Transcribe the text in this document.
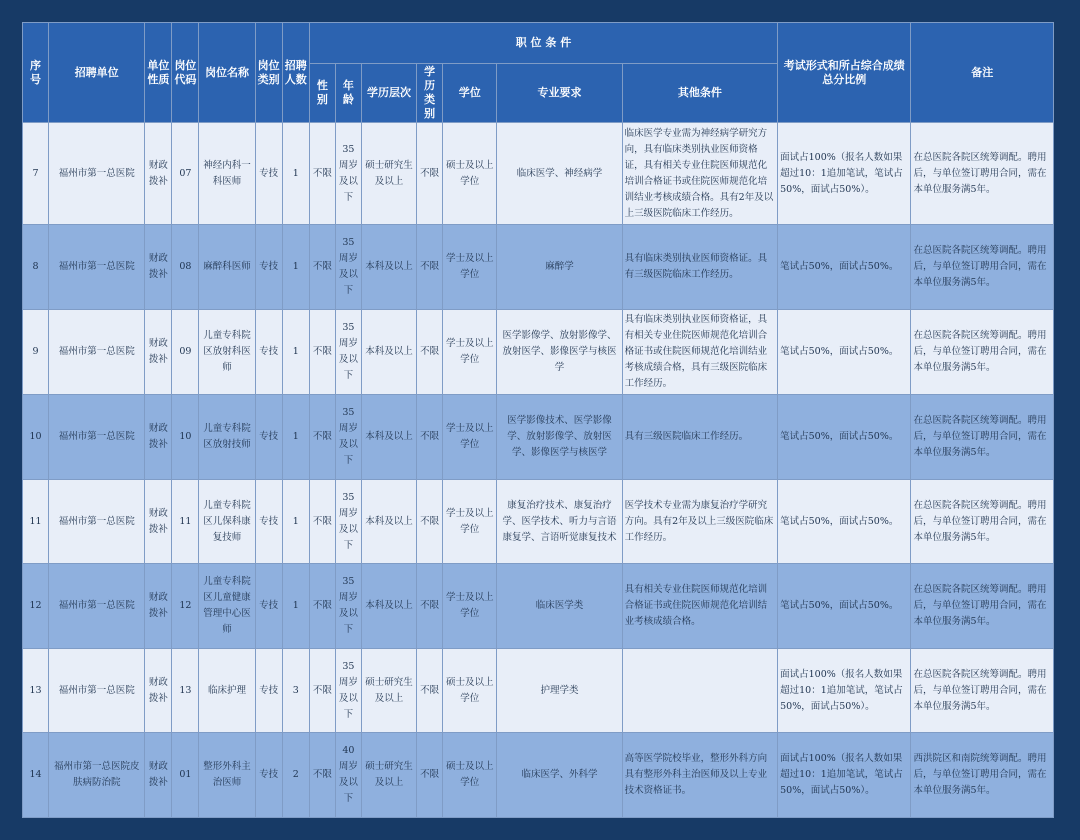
序号	招聘单位	单位性质	岗位代码	岗位名称	岗位类别	招聘人数	职 位 条 件							考试形式和所占综合成绩总分比例	备注
							性别	年龄	学历层次	学历类别	学位	专业要求	其他条件		
7	福州市第一总医院	财政拨补	07	神经内科一科医师	专技	1	不限	35周岁及以下	硕士研究生及以上	不限	硕士及以上学位	临床医学、神经病学	临床医学专业需为神经病学研究方向，具有临床类别执业医师资格证，具有相关专业住院医师规范化培训合格证书或住院医师规范化培训结业考核成绩合格。具有2年及以上三级医院临床工作经历。	面试占100%（报名人数如果超过10：1追加笔试，笔试占50%，面试占50%）。	在总医院各院区统筹调配。聘用后，与单位签订聘用合同，需在本单位服务满5年。
8	福州市第一总医院	财政拨补	08	麻醉科医师	专技	1	不限	35周岁及以下	本科及以上	不限	学士及以上学位	麻醉学	具有临床类别执业医师资格证。具有三级医院临床工作经历。	笔试占50%，面试占50%。	在总医院各院区统筹调配。聘用后，与单位签订聘用合同，需在本单位服务满5年。
9	福州市第一总医院	财政拨补	09	儿童专科院区放射科医师	专技	1	不限	35周岁及以下	本科及以上	不限	学士及以上学位	医学影像学、放射影像学、放射医学、影像医学与核医学	具有临床类别执业医师资格证，具有相关专业住院医师规范化培训合格证书或住院医师规范化培训结业考核成绩合格，具有三级医院临床工作经历。	笔试占50%，面试占50%。	在总医院各院区统筹调配。聘用后，与单位签订聘用合同，需在本单位服务满5年。
10	福州市第一总医院	财政拨补	10	儿童专科院区放射技师	专技	1	不限	35周岁及以下	本科及以上	不限	学士及以上学位	医学影像技术、医学影像学、放射影像学、放射医学、影像医学与核医学	具有三级医院临床工作经历。	笔试占50%，面试占50%。	在总医院各院区统筹调配。聘用后，与单位签订聘用合同，需在本单位服务满5年。
11	福州市第一总医院	财政拨补	11	儿童专科院区儿保科康复技师	专技	1	不限	35周岁及以下	本科及以上	不限	学士及以上学位	康复治疗技术、康复治疗学、医学技术、听力与言语康复学、言语听觉康复技术	医学技术专业需为康复治疗学研究方向。具有2年及以上三级医院临床工作经历。	笔试占50%，面试占50%。	在总医院各院区统筹调配。聘用后，与单位签订聘用合同，需在本单位服务满5年。
12	福州市第一总医院	财政拨补	12	儿童专科院区儿童健康管理中心医师	专技	1	不限	35周岁及以下	本科及以上	不限	学士及以上学位	临床医学类	具有相关专业住院医师规范化培训合格证书或住院医师规范化培训结业考核成绩合格。	笔试占50%，面试占50%。	在总医院各院区统筹调配。聘用后，与单位签订聘用合同，需在本单位服务满5年。
13	福州市第一总医院	财政拨补	13	临床护理	专技	3	不限	35周岁及以下	硕士研究生及以上	不限	硕士及以上学位	护理学类		面试占100%（报名人数如果超过10：1追加笔试，笔试占50%，面试占50%）。	在总医院各院区统筹调配。聘用后，与单位签订聘用合同，需在本单位服务满5年。
14	福州市第一总医院皮肤病防治院	财政拨补	01	整形外科主治医师	专技	2	不限	40周岁及以下	硕士研究生及以上	不限	硕士及以上学位	临床医学、外科学	高等医学院校毕业，整形外科方向具有整形外科主治医师及以上专业技术资格证书。	面试占100%（报名人数如果超过10：1追加笔试，笔试占50%，面试占50%）。	西洪院区和南院统筹调配。聘用后，与单位签订聘用合同，需在本单位服务满5年。
